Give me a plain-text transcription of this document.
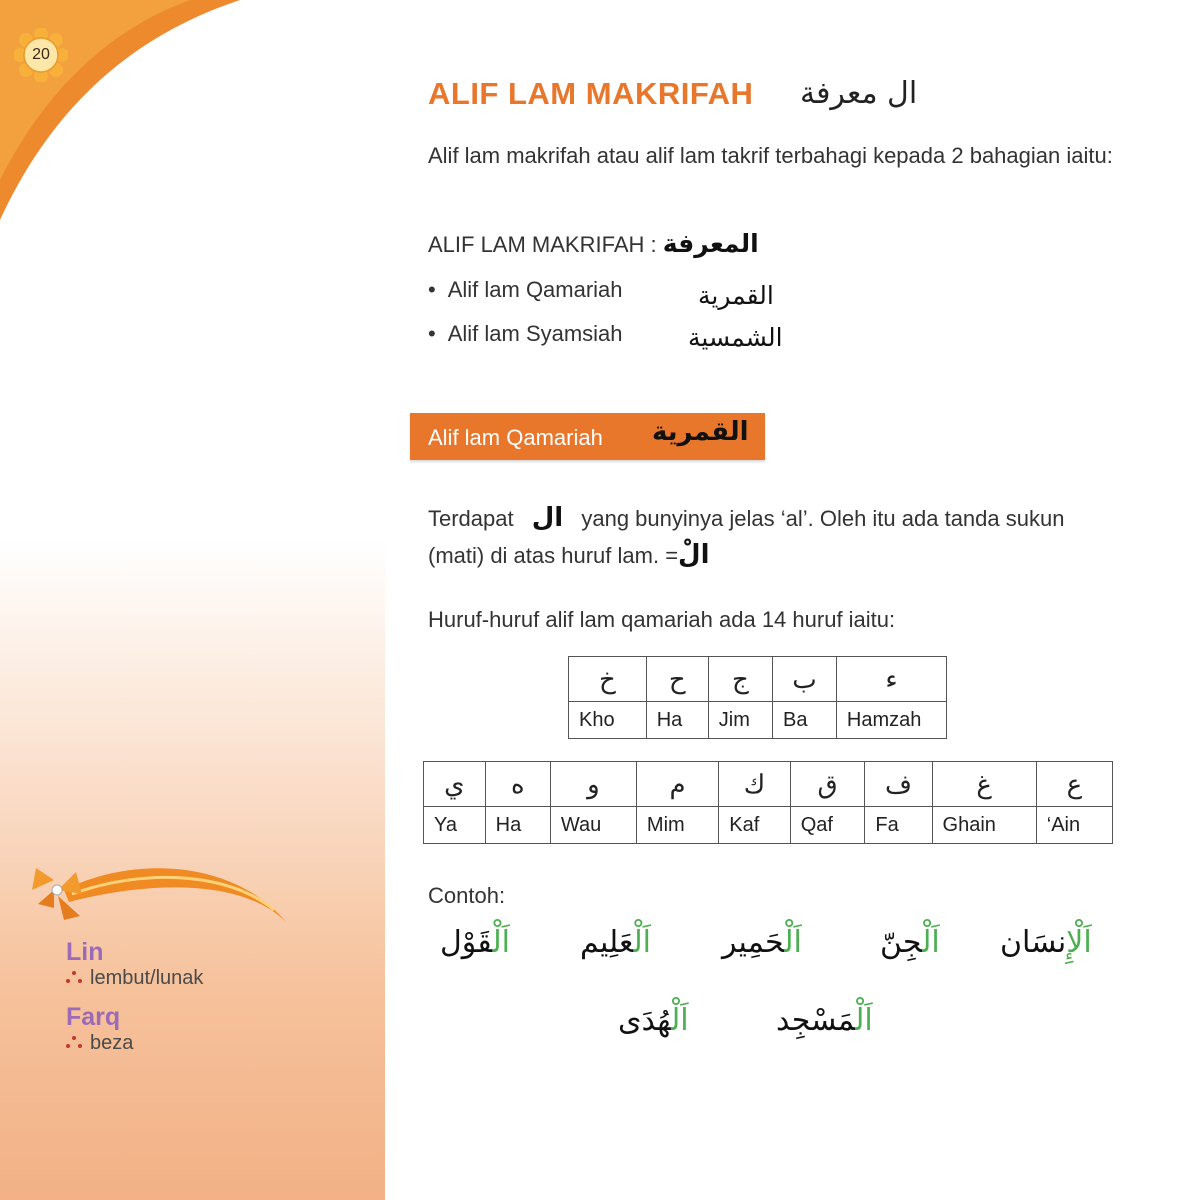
20
Lin
lembut/lunak
Farq
beza
ALIF LAM MAKRIFAH ال معرفة
Alif lam makrifah atau alif lam takrif terbahagi kepada 2 bahagian iaitu:
ALIF LAM MAKRIFAH : المعرفة
• Alif lam Qamariah	القمرية
• Alif lam Syamsiah	الشمسية
Alif lam Qamariah القمرية
Terdapat ال yang bunyinya jelas ‘al’. Oleh itu ada tanda sukun
(mati) di atas huruf lam. =الْ
Huruf-huruf alif lam qamariah ada 14 huruf iaitu:
خ	ح	ج	ب	ء
Kho	Ha	Jim	Ba	Hamzah
ي	ه	و	م	ك	ق	ف	غ	ع
Ya	Ha	Wau	Mim	Kaf	Qaf	Fa	Ghain	‘Ain
Contoh:
اَلْقَوْل	اَلْعَلِيم	اَلْحَمِير	اَلْجِنّ	اَلْإِنسَان
اَلْهُدَى	اَلْمَسْجِد
